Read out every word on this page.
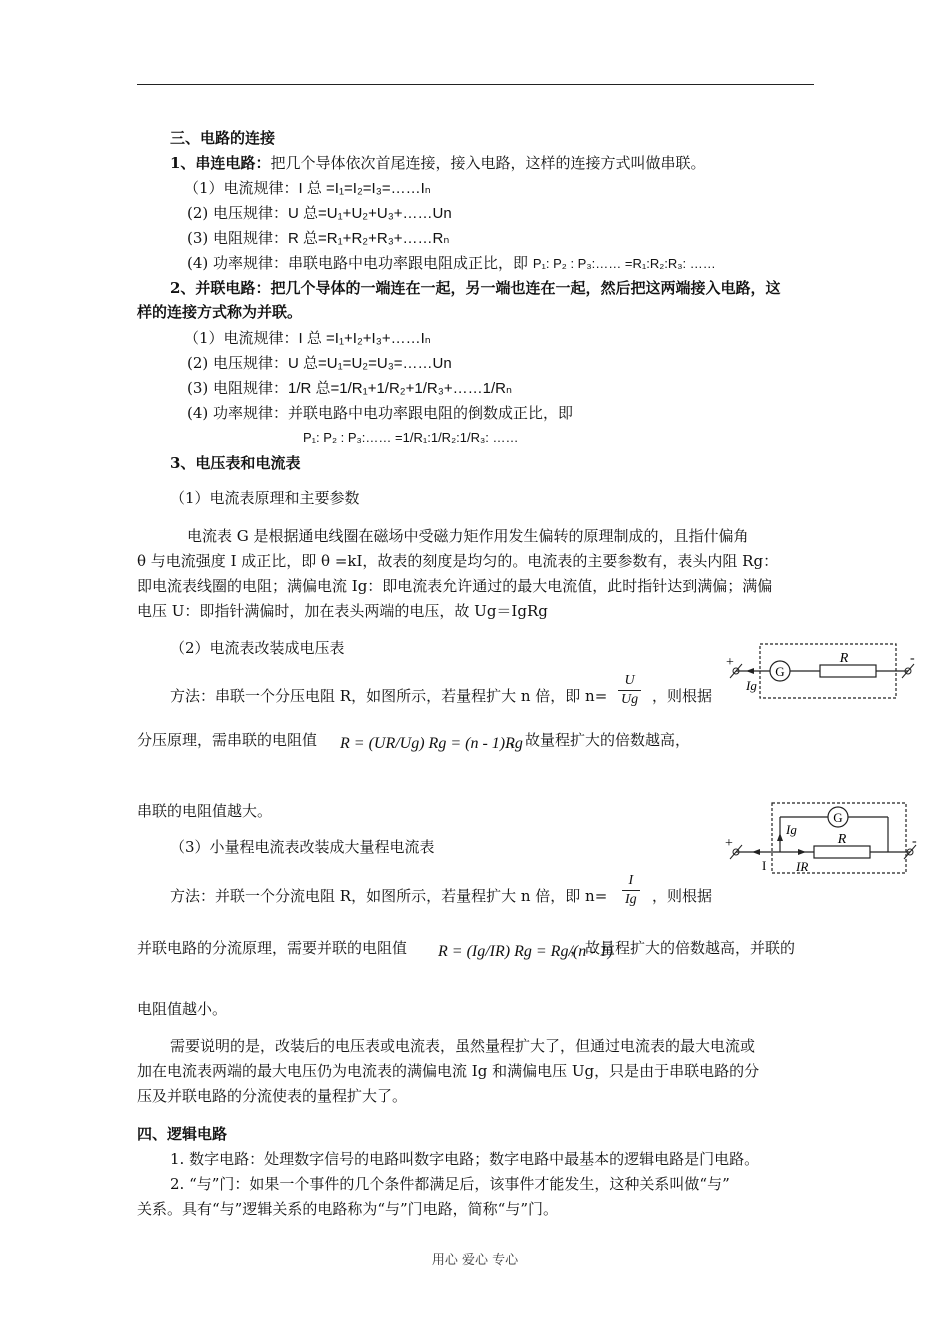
三、电路的连接
1、串连电路：把几个导体依次首尾连接，接入电路，这样的连接方式叫做串联。
（1）电流规律：I 总 =I₁=I₂=I₃=……Iₙ
(2) 电压规律：U 总=U₁+U₂+U₃+……Un
(3) 电阻规律：R 总=R₁+R₂+R₃+……Rₙ
(4) 功率规律：串联电路中电功率跟电阻成正比，即 P₁: P₂ : P₃:…… =R₁:R₂:R₃: ……
2、并联电路：把几个导体的一端连在一起，另一端也连在一起，然后把这两端接入电路，这
样的连接方式称为并联。
（1）电流规律：I 总 =I₁+I₂+I₃+……Iₙ
(2) 电压规律：U 总=U₁=U₂=U₃=……Un
(3) 电阻规律：1/R 总=1/R₁+1/R₂+1/R₃+……1/Rₙ
(4) 功率规律：并联电路中电功率跟电阻的倒数成正比，即
P₁: P₂ : P₃:…… =1/R₁:1/R₂:1/R₃: ……
3、电压表和电流表
（1）电流表原理和主要参数
电流表 G 是根据通电线圈在磁场中受磁力矩作用发生偏转的原理制成的，且指什偏角
θ 与电流强度 I 成正比，即 θ =kI，故表的刻度是均匀的。电流表的主要参数有，表头内阻 Rg：
即电流表线圈的电阻；满偏电流 Ig：即电流表允许通过的最大电流值，此时指针达到满偏；满偏
电压 U：即指针满偏时，加在表头两端的电压，故 Ug＝IgRg
（2）电流表改装成电压表
方法：串联一个分压电阻 R，如图所示，若量程扩大 n 倍，即 $n= \frac{U}{Ug}$ ，则根据
分压原理，需串联的电阻值 R = (UR/Ug) Rg = (n - 1)Rg
，故量程扩大的倍数越高，
串联的电阻值越大。
（3）小量程电流表改装成大量程电流表
方法：并联一个分流电阻 R，如图所示，若量程扩大 n 倍，即 $n= \frac{I}{Ig}$ ，则根据
并联电路的分流原理，需要并联的电阻值 R = (Ig/IR) Rg = Rg/(n - 1)
，故量程扩大的倍数越高，并联的
电阻值越小。
需要说明的是，改装后的电压表或电流表，虽然量程扩大了，但通过电流表的最大电流或
加在电流表两端的最大电压仍为电流表的满偏电流 Ig 和满偏电压 Ug，只是由于串联电路的分
压及并联电路的分流使表的量程扩大了。
四、逻辑电路
1. 数字电路：处理数字信号的电路叫数字电路；数字电路中最基本的逻辑电路是门电路。
2. “与”门：如果一个事件的几个条件都满足后，该事件才能发生，这种关系叫做“与”
关系。具有“与”逻辑关系的电路称为“与”门电路，简称“与”门。
G
R
+	-
Ig
G
R
+	-
I
Ig
IR
用心 爱心 专心
